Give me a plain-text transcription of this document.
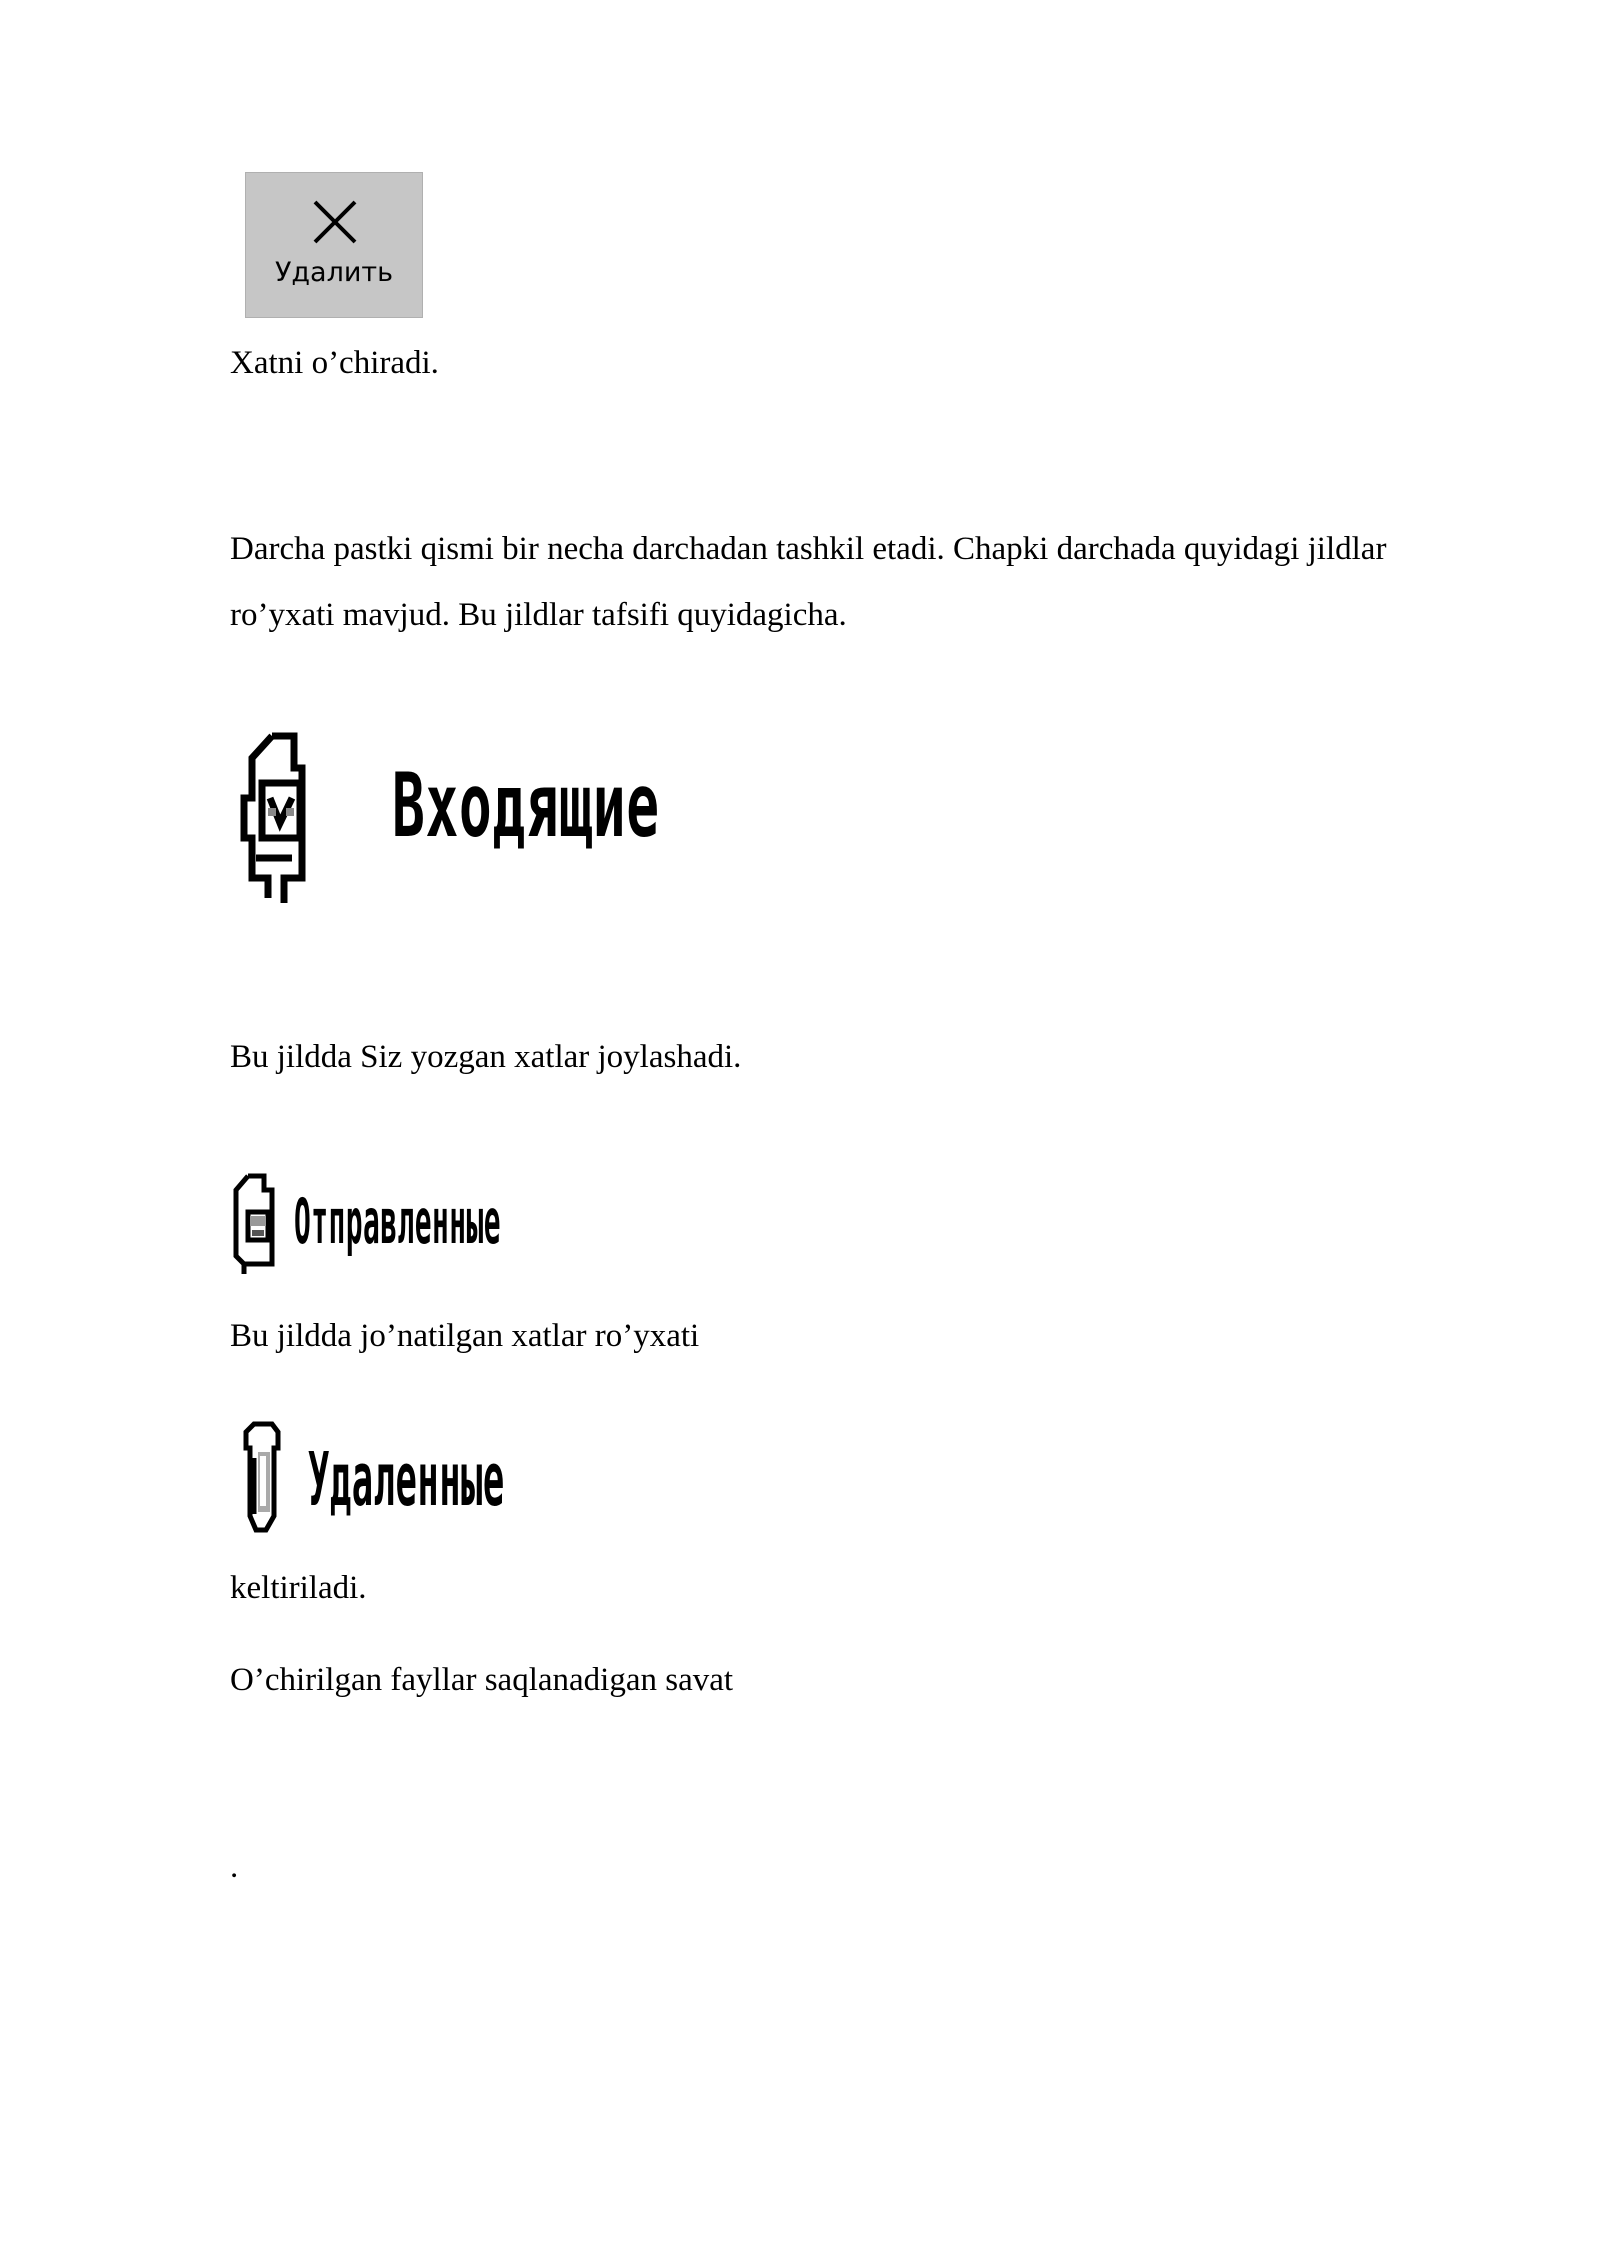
Удалить

Xatni o’chiradi.

Darcha pastki qismi bir necha darchadan tashkil etadi. Chapki darchada quyidagi jildlar ro’yxati mavjud. Bu jildlar tafsifi quyidagicha.

Входящие

Bu jildda Siz yozgan xatlar joylashadi.

Отправленные

Bu jildda jo’natilgan xatlar ro’yxati

Удаленные

keltiriladi.

O’chirilgan fayllar saqlanadigan savat

.
